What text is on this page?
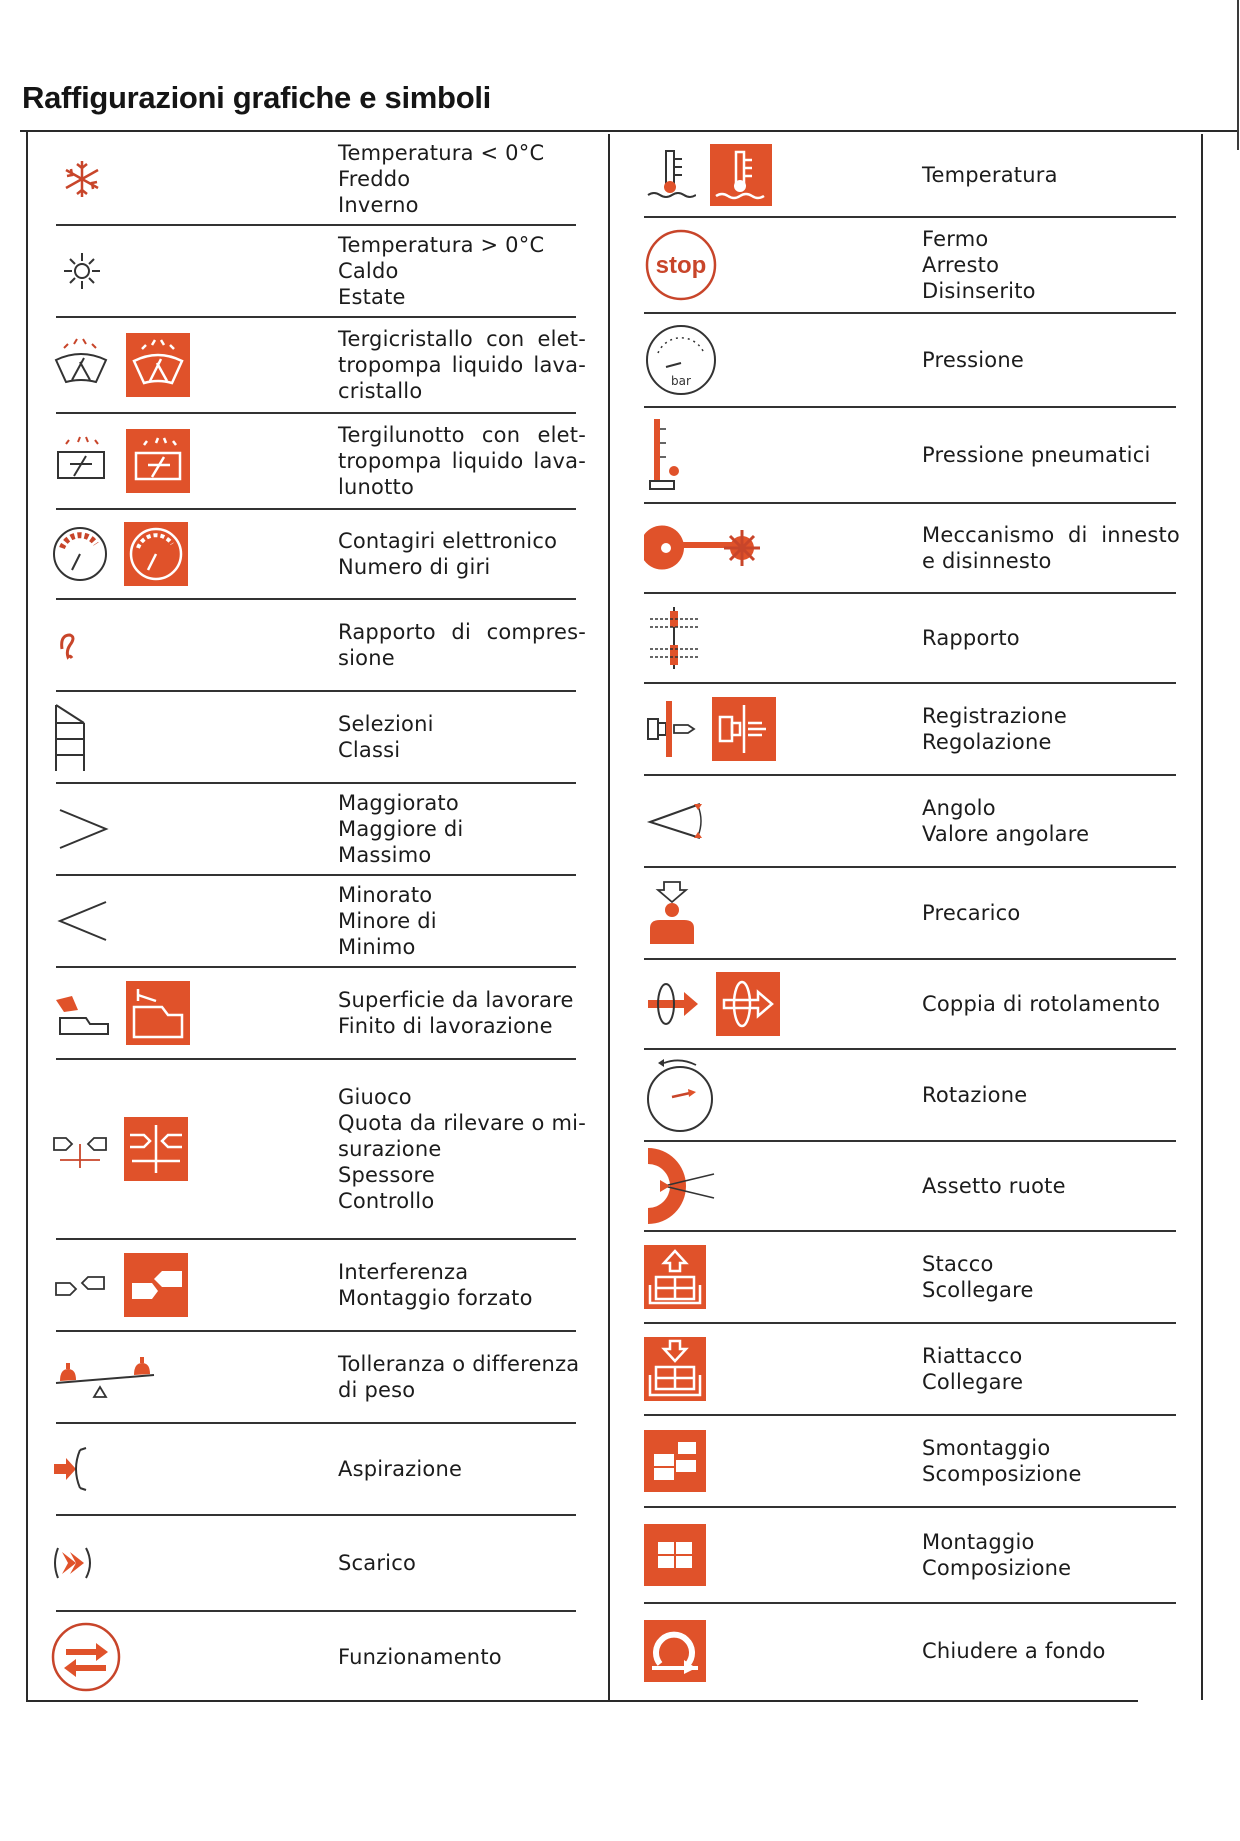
Raffigurazioni grafiche e simboli
Temperatura < 0°C
Freddo
Inverno
Temperatura > 0°C
Caldo
Estate
Tergicristallo con elet-
tropompa liquido lava-
cristallo
Tergilunotto con elet-
tropompa liquido lava-
lunotto
Contagiri elettronico
Numero di giri
Rapporto di compres-
sione
Selezioni
Classi
Maggiorato
Maggiore di
Massimo
Minorato
Minore di
Minimo
Superficie da lavorare
Finito di lavorazione
Giuoco
Quota da rilevare o mi-
surazione
Spessore
Controllo
Interferenza
Montaggio forzato
Tolleranza o differenza
di peso
Aspirazione
Scarico
Funzionamento
Temperatura
stop
Fermo
Arresto
Disinserito
bar
Pressione
Pressione pneumatici
Meccanismo di innesto
e disinnesto
Rapporto
Registrazione
Regolazione
Angolo
Valore angolare
Precarico
Coppia di rotolamento
Rotazione
Assetto ruote
Stacco
Scollegare
Riattacco
Collegare
Smontaggio
Scomposizione
Montaggio
Composizione
Chiudere a fondo
